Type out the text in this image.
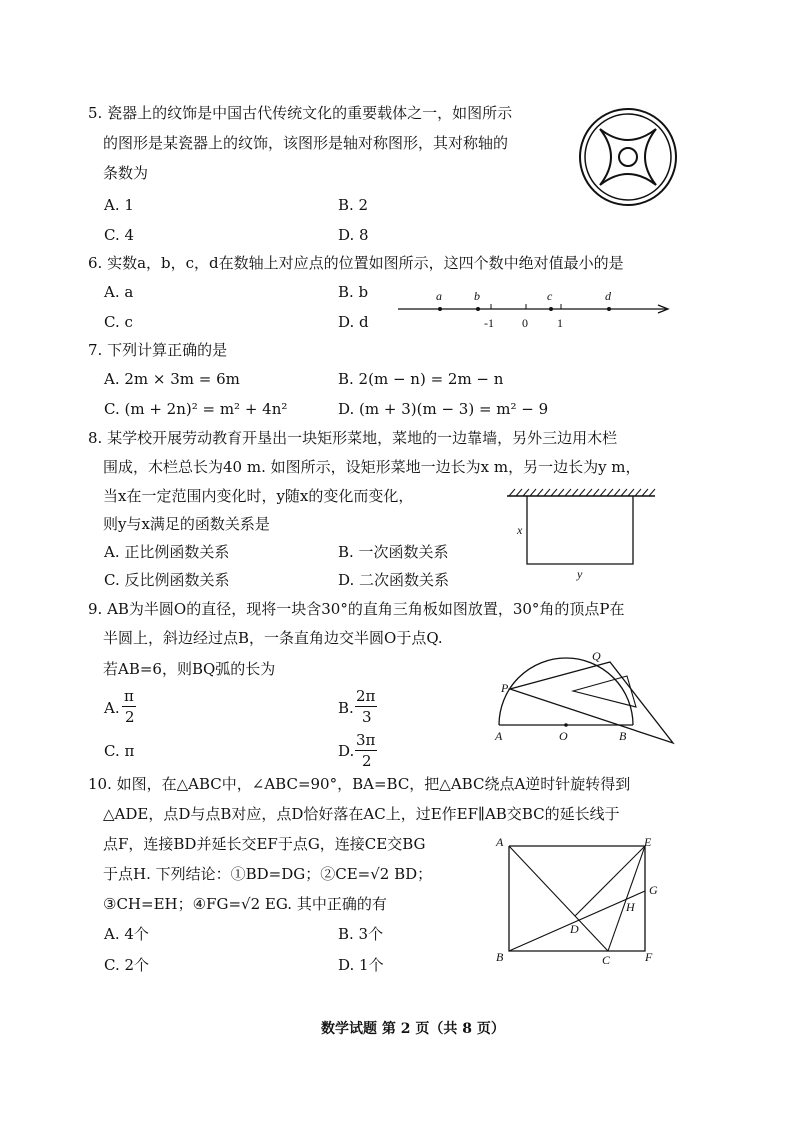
5. 瓷器上的纹饰是中国古代传统文化的重要载体之一，如图所示
的图形是某瓷器上的纹饰，该图形是轴对称图形，其对称轴的
条数为
A. 1	B. 2
C. 4	D. 8
6. 实数a，b，c，d在数轴上对应点的位置如图所示，这四个数中绝对值最小的是
A. a	B. b
C. c	D. d
a	b	c	d
-1 0 1
7. 下列计算正确的是
A. 2m × 3m = 6m	B. 2(m − n) = 2m − n
C. (m + 2n)² = m² + 4n²	D. (m + 3)(m − 3) = m² − 9
8. 某学校开展劳动教育开垦出一块矩形菜地，菜地的一边靠墙，另外三边用木栏
围成，木栏总长为40 m. 如图所示，设矩形菜地一边长为x m，另一边长为y m，
当x在一定范围内变化时，y随x的变化而变化，
则y与x满足的函数关系是
A. 正比例函数关系	B. 一次函数关系
C. 反比例函数关系	D. 二次函数关系
x
y
9. AB为半圆O的直径，现将一块含30°的直角三角板如图放置，30°角的顶点P在
半圆上，斜边经过点B，一条直角边交半圆O于点Q.
若AB=6，则BQ弧的长为
A.
π
2	B.
2π
3
C. π	D.
3π
2
P
Q
A	O	B
10. 如图，在△ABC中，∠ABC=90°，BA=BC，把△ABC绕点A逆时针旋转得到
△ADE，点D与点B对应，点D恰好落在AC上，过E作EF∥AB交BC的延长线于
点F，连接BD并延长交EF于点G，连接CE交BG
于点H. 下列结论：①BD=DG；②CE=√2 BD；
③CH=EH；④FG=√2 EG. 其中正确的有
A. 4个	B. 3个
C. 2个	D. 1个
A	E
G
H
D
B	C	F
数学试题 第 2 页（共 8 页）
